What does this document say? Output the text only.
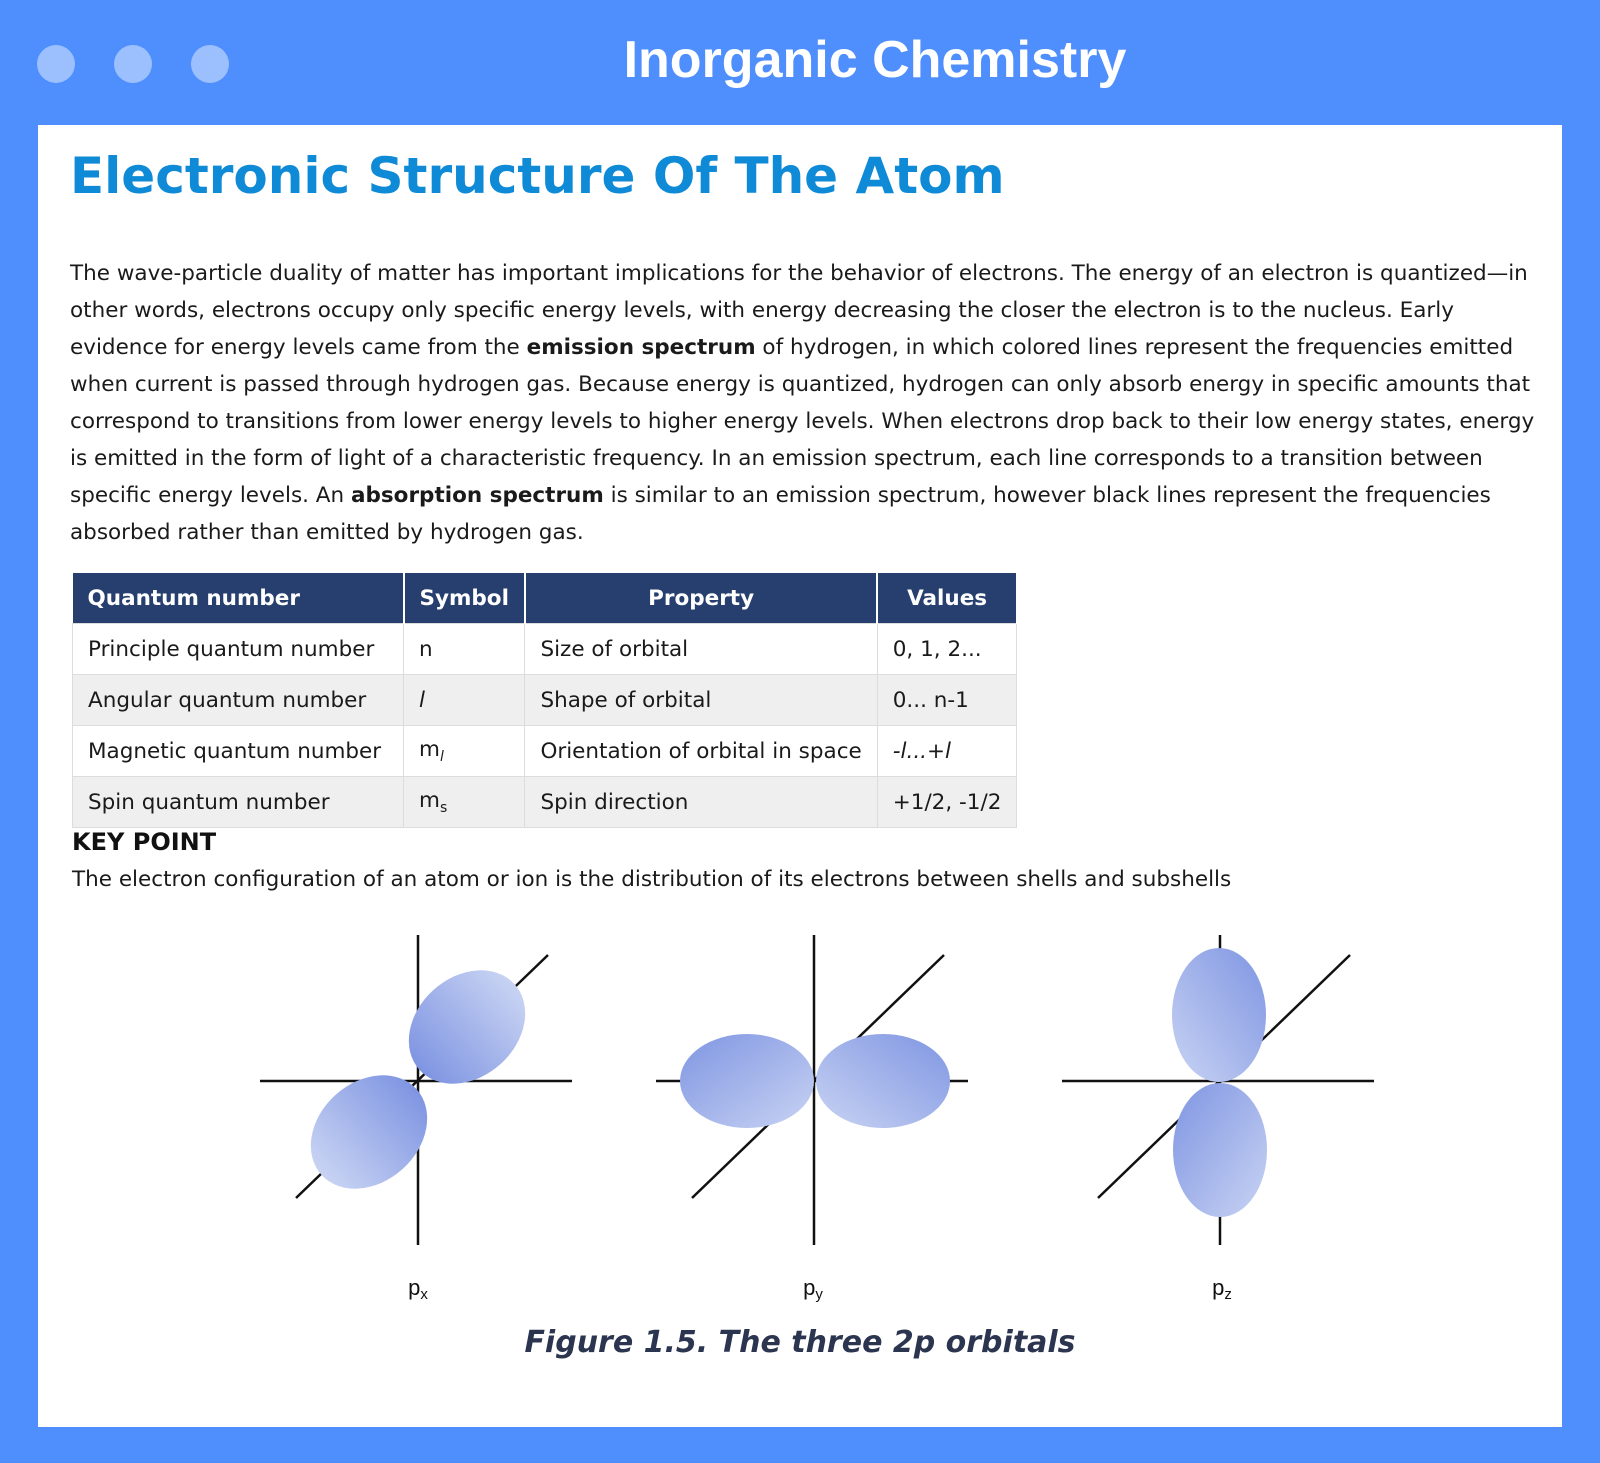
Inorganic Chemistry
Electronic Structure Of The Atom

The wave-particle duality of matter has important implications for the behavior of electrons. The energy of an electron is quantized—in other words, electrons occupy only specific energy levels, with energy decreasing the closer the electron is to the nucleus. Early evidence for energy levels came from the emission spectrum of hydrogen, in which colored lines represent the frequencies emitted when current is passed through hydrogen gas. Because energy is quantized, hydrogen can only absorb energy in specific amounts that correspond to transitions from lower energy levels to higher energy levels. When electrons drop back to their low energy states, energy is emitted in the form of light of a characteristic frequency. In an emission spectrum, each line corresponds to a transition between specific energy levels. An absorption spectrum is similar to an emission spectrum, however black lines represent the frequencies absorbed rather than emitted by hydrogen gas.

Quantum number	Symbol	Property	Values
Principle quantum number	n	Size of orbital	0, 1, 2...
Angular quantum number	l	Shape of orbital	0... n-1
Magnetic quantum number	$m_l$	Orientation of orbital in space	-l...+l
Spin quantum number	$m_s$	Spin direction	+1/2, -1/2
KEY POINT
The electron configuration of an atom or ion is the distribution of its electrons between shells and subshells
px	py	pz
Figure 1.5. The three 2p orbitals
